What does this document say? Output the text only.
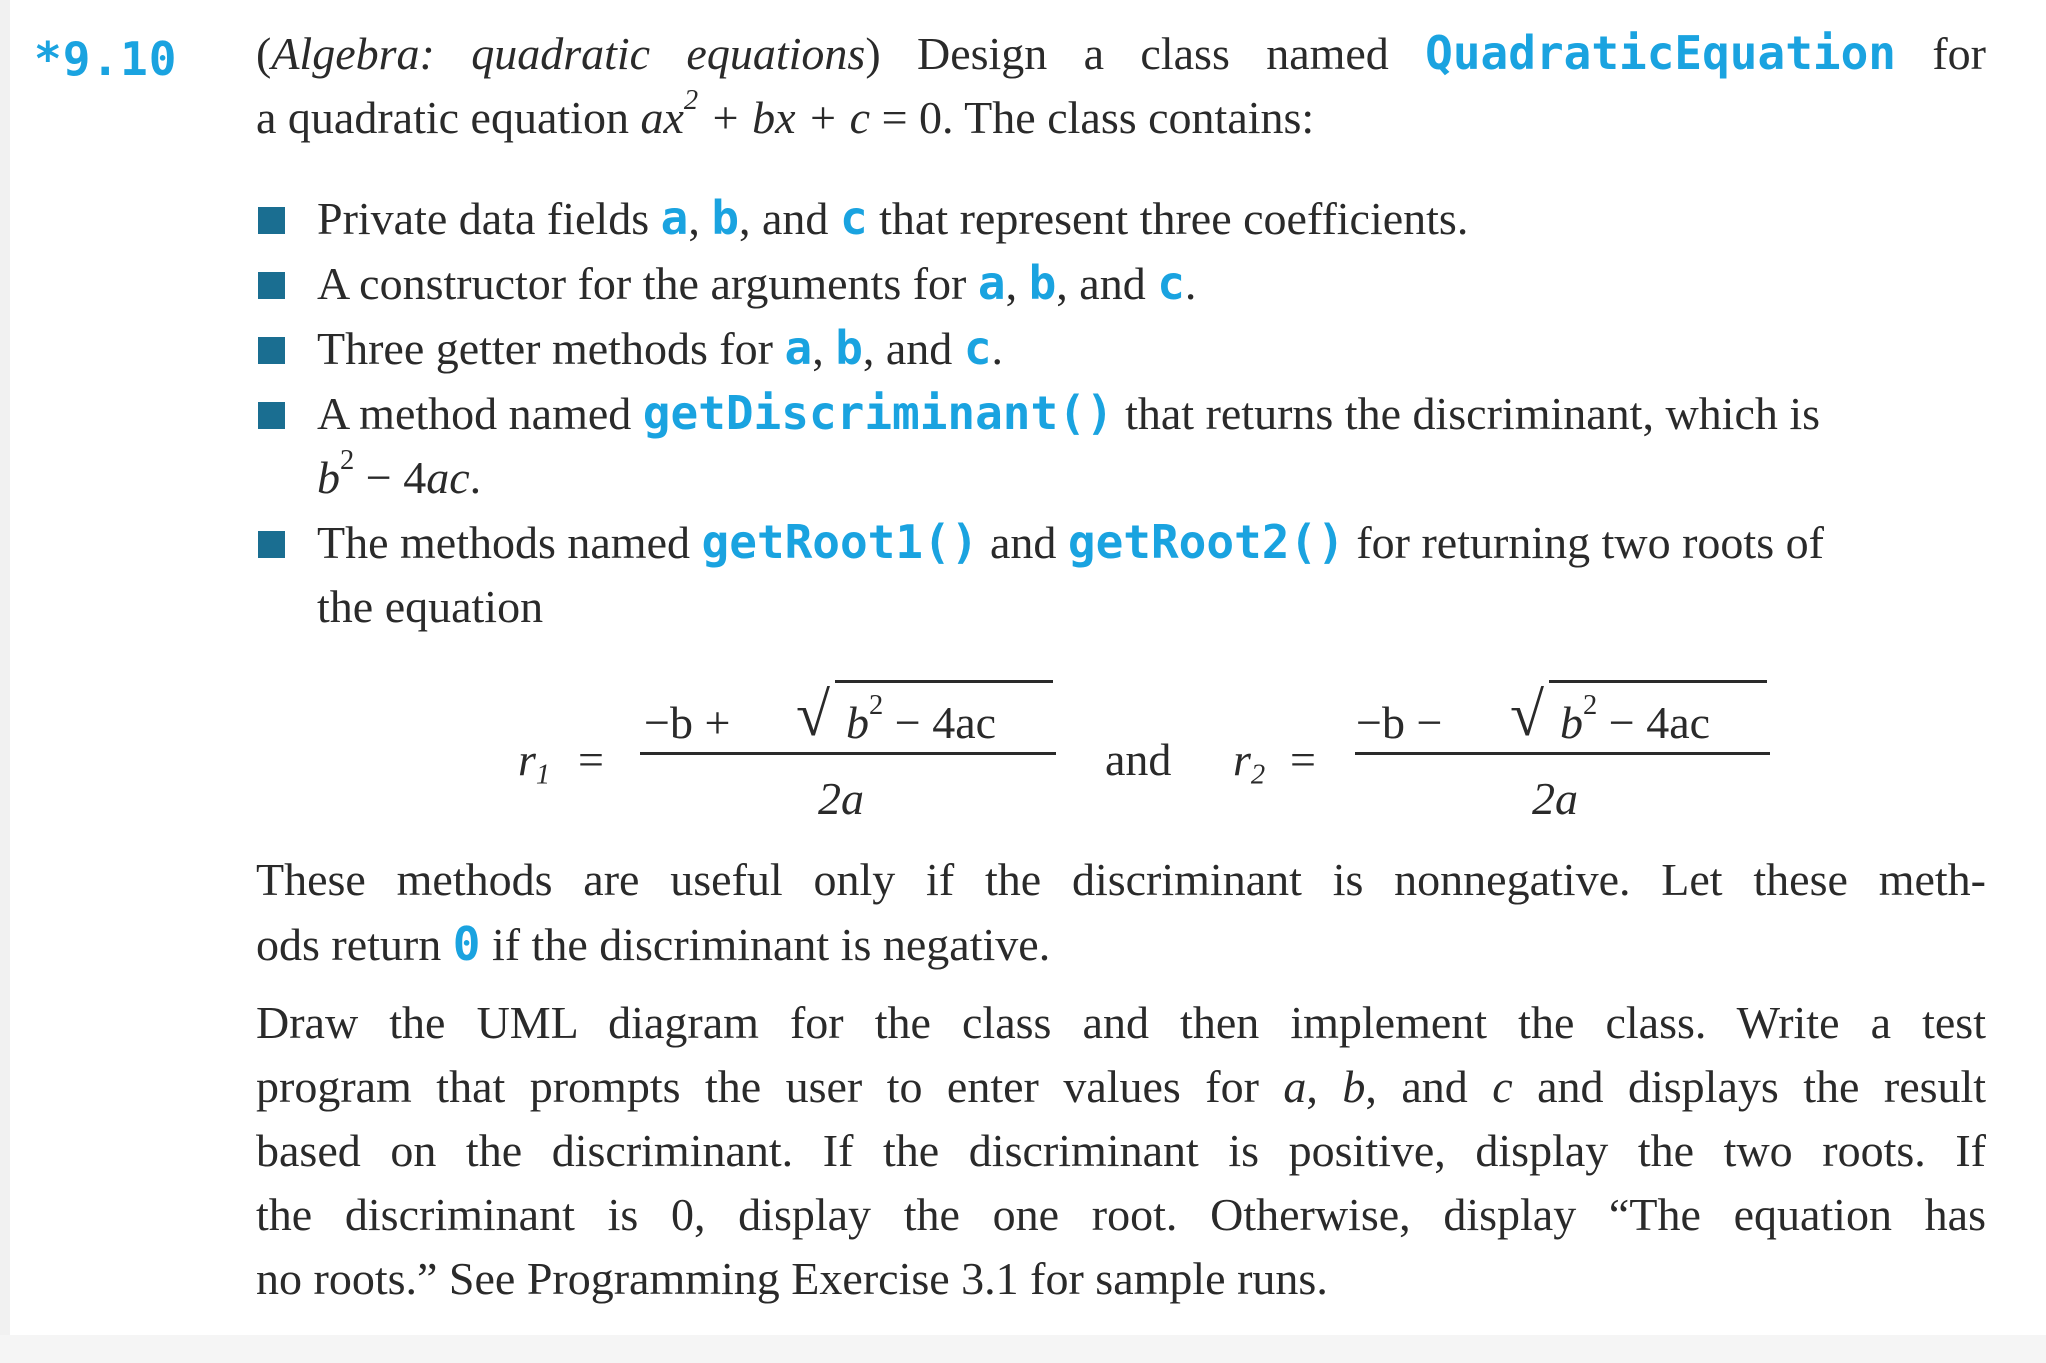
*9.10 (Algebra: quadratic equations) Design a class named QuadraticEquation for
a quadratic equation $ax^2$ + bx + c = 0. The class contains:
Private data fields a, b, and c that represent three coefficients.
A constructor for the arguments for a, b, and c.
Three getter methods for a, b, and c.
A method named getDiscriminant() that returns the discriminant, which is
$b^2 - 4ac$.
The methods named getRoot1() and getRoot2() for returning two roots of
the equation
$r_1$ =
−b + √ $b^2 - 4ac$
2a
and $r_2$ =
−b − √ $b^2 - 4ac$
2a
These methods are useful only if the discriminant is nonnegative. Let these meth-
ods return 0 if the discriminant is negative.
Draw the UML diagram for the class and then implement the class. Write a test
program that prompts the user to enter values for a, b, and c and displays the result
based on the discriminant. If the discriminant is positive, display the two roots. If
the discriminant is 0, display the one root. Otherwise, display “The equation has
no roots.” See Programming Exercise 3.1 for sample runs.
